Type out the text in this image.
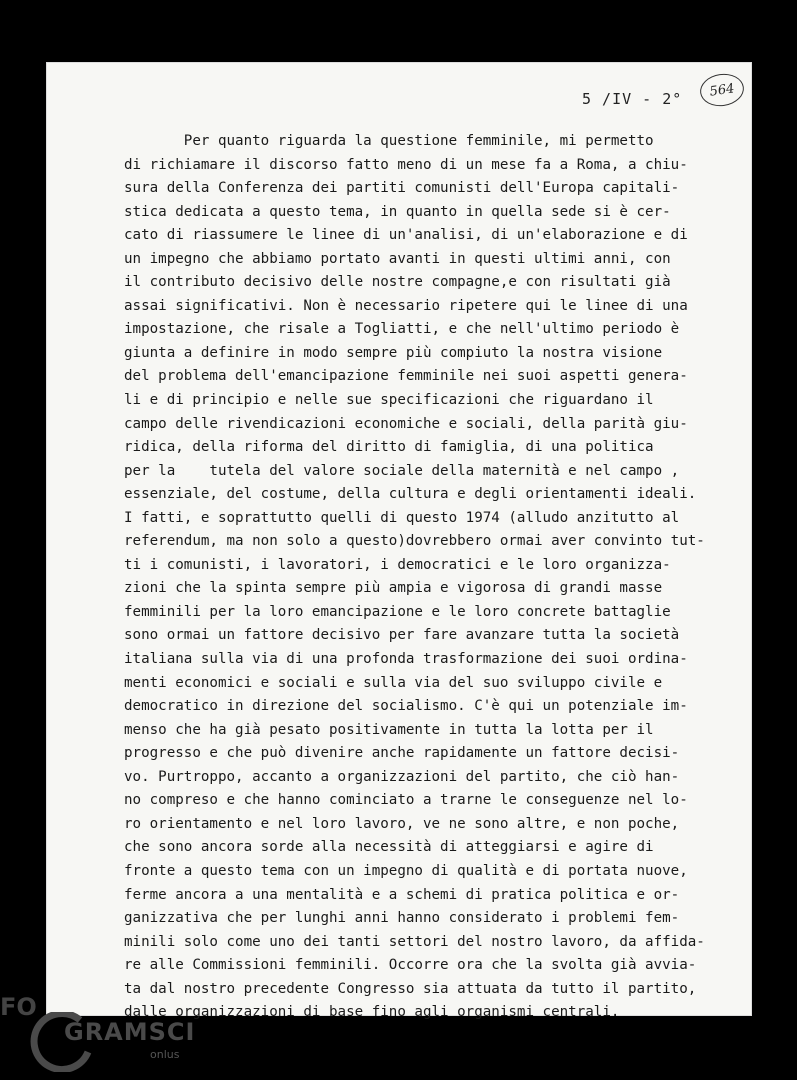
5 /IV - 2°	564
Per quanto riguarda la questione femminile, mi permetto
di richiamare il discorso fatto meno di un mese fa a Roma, a chiu-
sura della Conferenza dei partiti comunisti dell'Europa capitali-
stica dedicata a questo tema, in quanto in quella sede si è cer-
cato di riassumere le linee di un'analisi, di un'elaborazione e di
un impegno che abbiamo portato avanti in questi ultimi anni, con
il contributo decisivo delle nostre compagne,e con risultati già
assai significativi. Non è necessario ripetere qui le linee di una
impostazione, che risale a Togliatti, e che nell'ultimo periodo è
giunta a definire in modo sempre più compiuto la nostra visione
del problema dell'emancipazione femminile nei suoi aspetti genera-
li e di principio e nelle sue specificazioni che riguardano il
campo delle rivendicazioni economiche e sociali, della parità giu-
ridica, della riforma del diritto di famiglia, di una politica
per la    tutela del valore sociale della maternità e nel campo ,
essenziale, del costume, della cultura e degli orientamenti ideali.
I fatti, e soprattutto quelli di questo 1974 (alludo anzitutto al
referendum, ma non solo a questo)dovrebbero ormai aver convinto tut-
ti i comunisti, i lavoratori, i democratici e le loro organizza-
zioni che la spinta sempre più ampia e vigorosa di grandi masse
femminili per la loro emancipazione e le loro concrete battaglie
sono ormai un fattore decisivo per fare avanzare tutta la società
italiana sulla via di una profonda trasformazione dei suoi ordina-
menti economici e sociali e sulla via del suo sviluppo civile e
democratico in direzione del socialismo. C'è qui un potenziale im-
menso che ha già pesato positivamente in tutta la lotta per il
progresso e che può divenire anche rapidamente un fattore decisi-
vo. Purtroppo, accanto a organizzazioni del partito, che ciò han-
no compreso e che hanno cominciato a trarne le conseguenze nel lo-
ro orientamento e nel loro lavoro, ve ne sono altre, e non poche,
che sono ancora sorde alla necessità di atteggiarsi e agire di
fronte a questo tema con un impegno di qualità e di portata nuove,
ferme ancora a una mentalità e a schemi di pratica politica e or-
ganizzativa che per lunghi anni hanno considerato i problemi fem-
minili solo come uno dei tanti settori del nostro lavoro, da affida-
re alle Commissioni femminili. Occorre ora che la svolta già avvia-
ta dal nostro precedente Congresso sia attuata da tutto il partito,
dalle organizzazioni di base fino agli organismi centrali.
FO
GRAMSCI
onlus
